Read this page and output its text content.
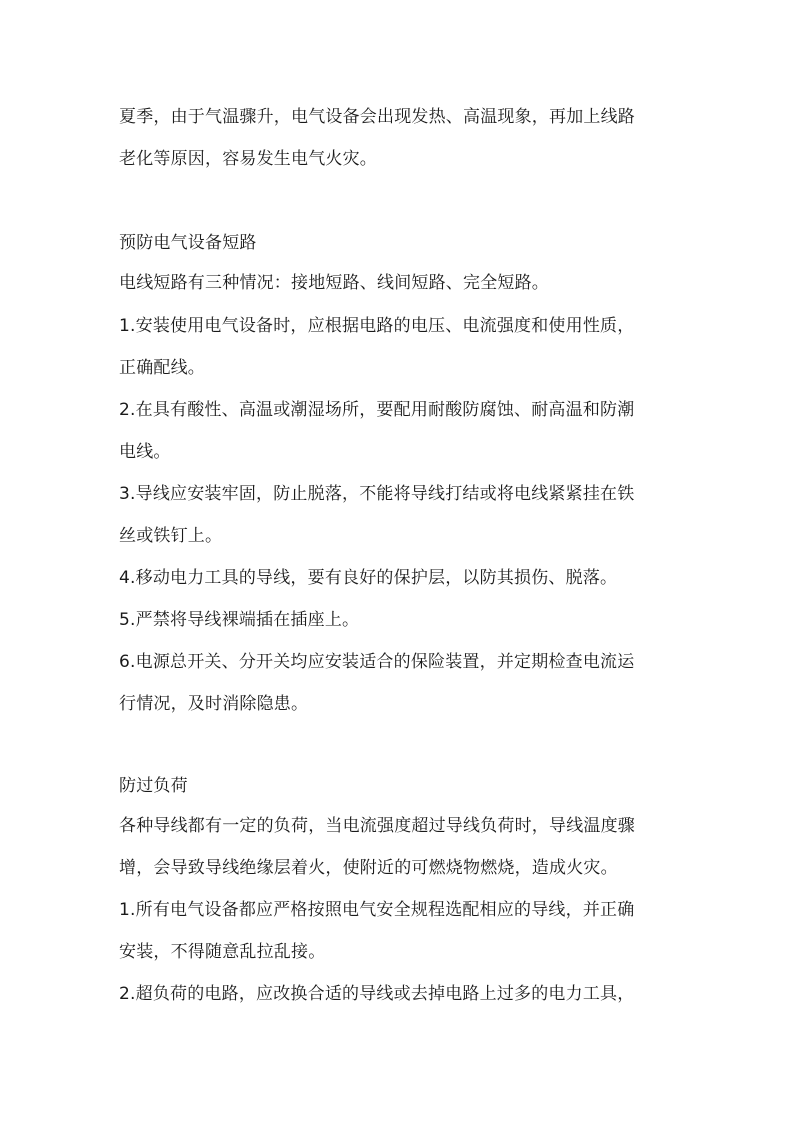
夏季，由于气温骤升，电气设备会出现发热、高温现象，再加上线路
老化等原因，容易发生电气火灾。
预防电气设备短路
电线短路有三种情况：接地短路、线间短路、完全短路。
1.安装使用电气设备时，应根据电路的电压、电流强度和使用性质，
正确配线。
2.在具有酸性、高温或潮湿场所，要配用耐酸防腐蚀、耐高温和防潮
电线。
3.导线应安装牢固，防止脱落，不能将导线打结或将电线紧紧挂在铁
丝或铁钉上。
4.移动电力工具的导线，要有良好的保护层，以防其损伤、脱落。
5.严禁将导线裸端插在插座上。
6.电源总开关、分开关均应安装适合的保险装置，并定期检查电流运
行情况，及时消除隐患。
防过负荷
各种导线都有一定的负荷，当电流强度超过导线负荷时，导线温度骤
增，会导致导线绝缘层着火，使附近的可燃烧物燃烧，造成火灾。
1.所有电气设备都应严格按照电气安全规程选配相应的导线，并正确
安装，不得随意乱拉乱接。
2.超负荷的电路，应改换合适的导线或去掉电路上过多的电力工具，
